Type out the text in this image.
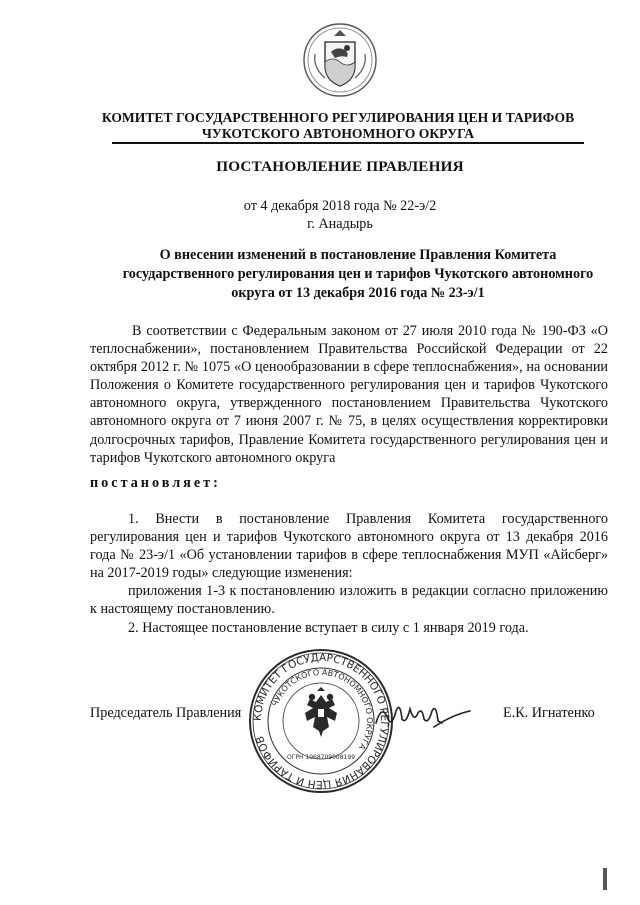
КОМИТЕТ ГОСУДАРСТВЕННОГО РЕГУЛИРОВАНИЯ ЦЕН И ТАРИФОВ
ЧУКОТСКОГО АВТОНОМНОГО ОКРУГА
ПОСТАНОВЛЕНИЕ ПРАВЛЕНИЯ
от 4 декабря 2018 года № 22-э/2
г. Анадырь
О внесении изменений в постановление Правления Комитета
государственного регулирования цен и тарифов Чукотского автономного
округа от 13 декабря 2016 года № 23-э/1

В соответствии с Федеральным законом от 27 июля 2010 года № 190-ФЗ «О теплоснабжении», постановлением Правительства Российской Федерации от 22 октября 2012 г. № 1075 «О ценообразовании в сфере теплоснабжения», на основании Положения о Комитете государственного регулирования цен и тарифов Чукотского автономного округа, утвержденного постановлением Правительства Чукотского автономного округа от 7 июня 2007 г. № 75, в целях осуществления корректировки долгосрочных тарифов, Правление Комитета государственного регулирования цен и тарифов Чукотского автономного округа

постановляет:

1. Внести в постановление Правления Комитета государственного регулирования цен и тарифов Чукотского автономного округа от 13 декабря 2016 года № 23-э/1 «Об установлении тарифов в сфере теплоснабжения МУП «Айсберг» на 2017-2019 годы» следующие изменения:

приложения 1-3 к постановлению изложить в редакции согласно приложению к настоящему постановлению.

2. Настоящее постановление вступает в силу с 1 января 2019 года.

Председатель Правления	Е.К. Игнатенко
КОМИТЕТ ГОСУДАРСТВЕННОГО РЕГУЛИРОВАНИЯ ЦЕН И ТАРИФОВ
ЧУКОТСКОГО АВТОНОМНОГО ОКРУГА
ОГРН 1068709008199
